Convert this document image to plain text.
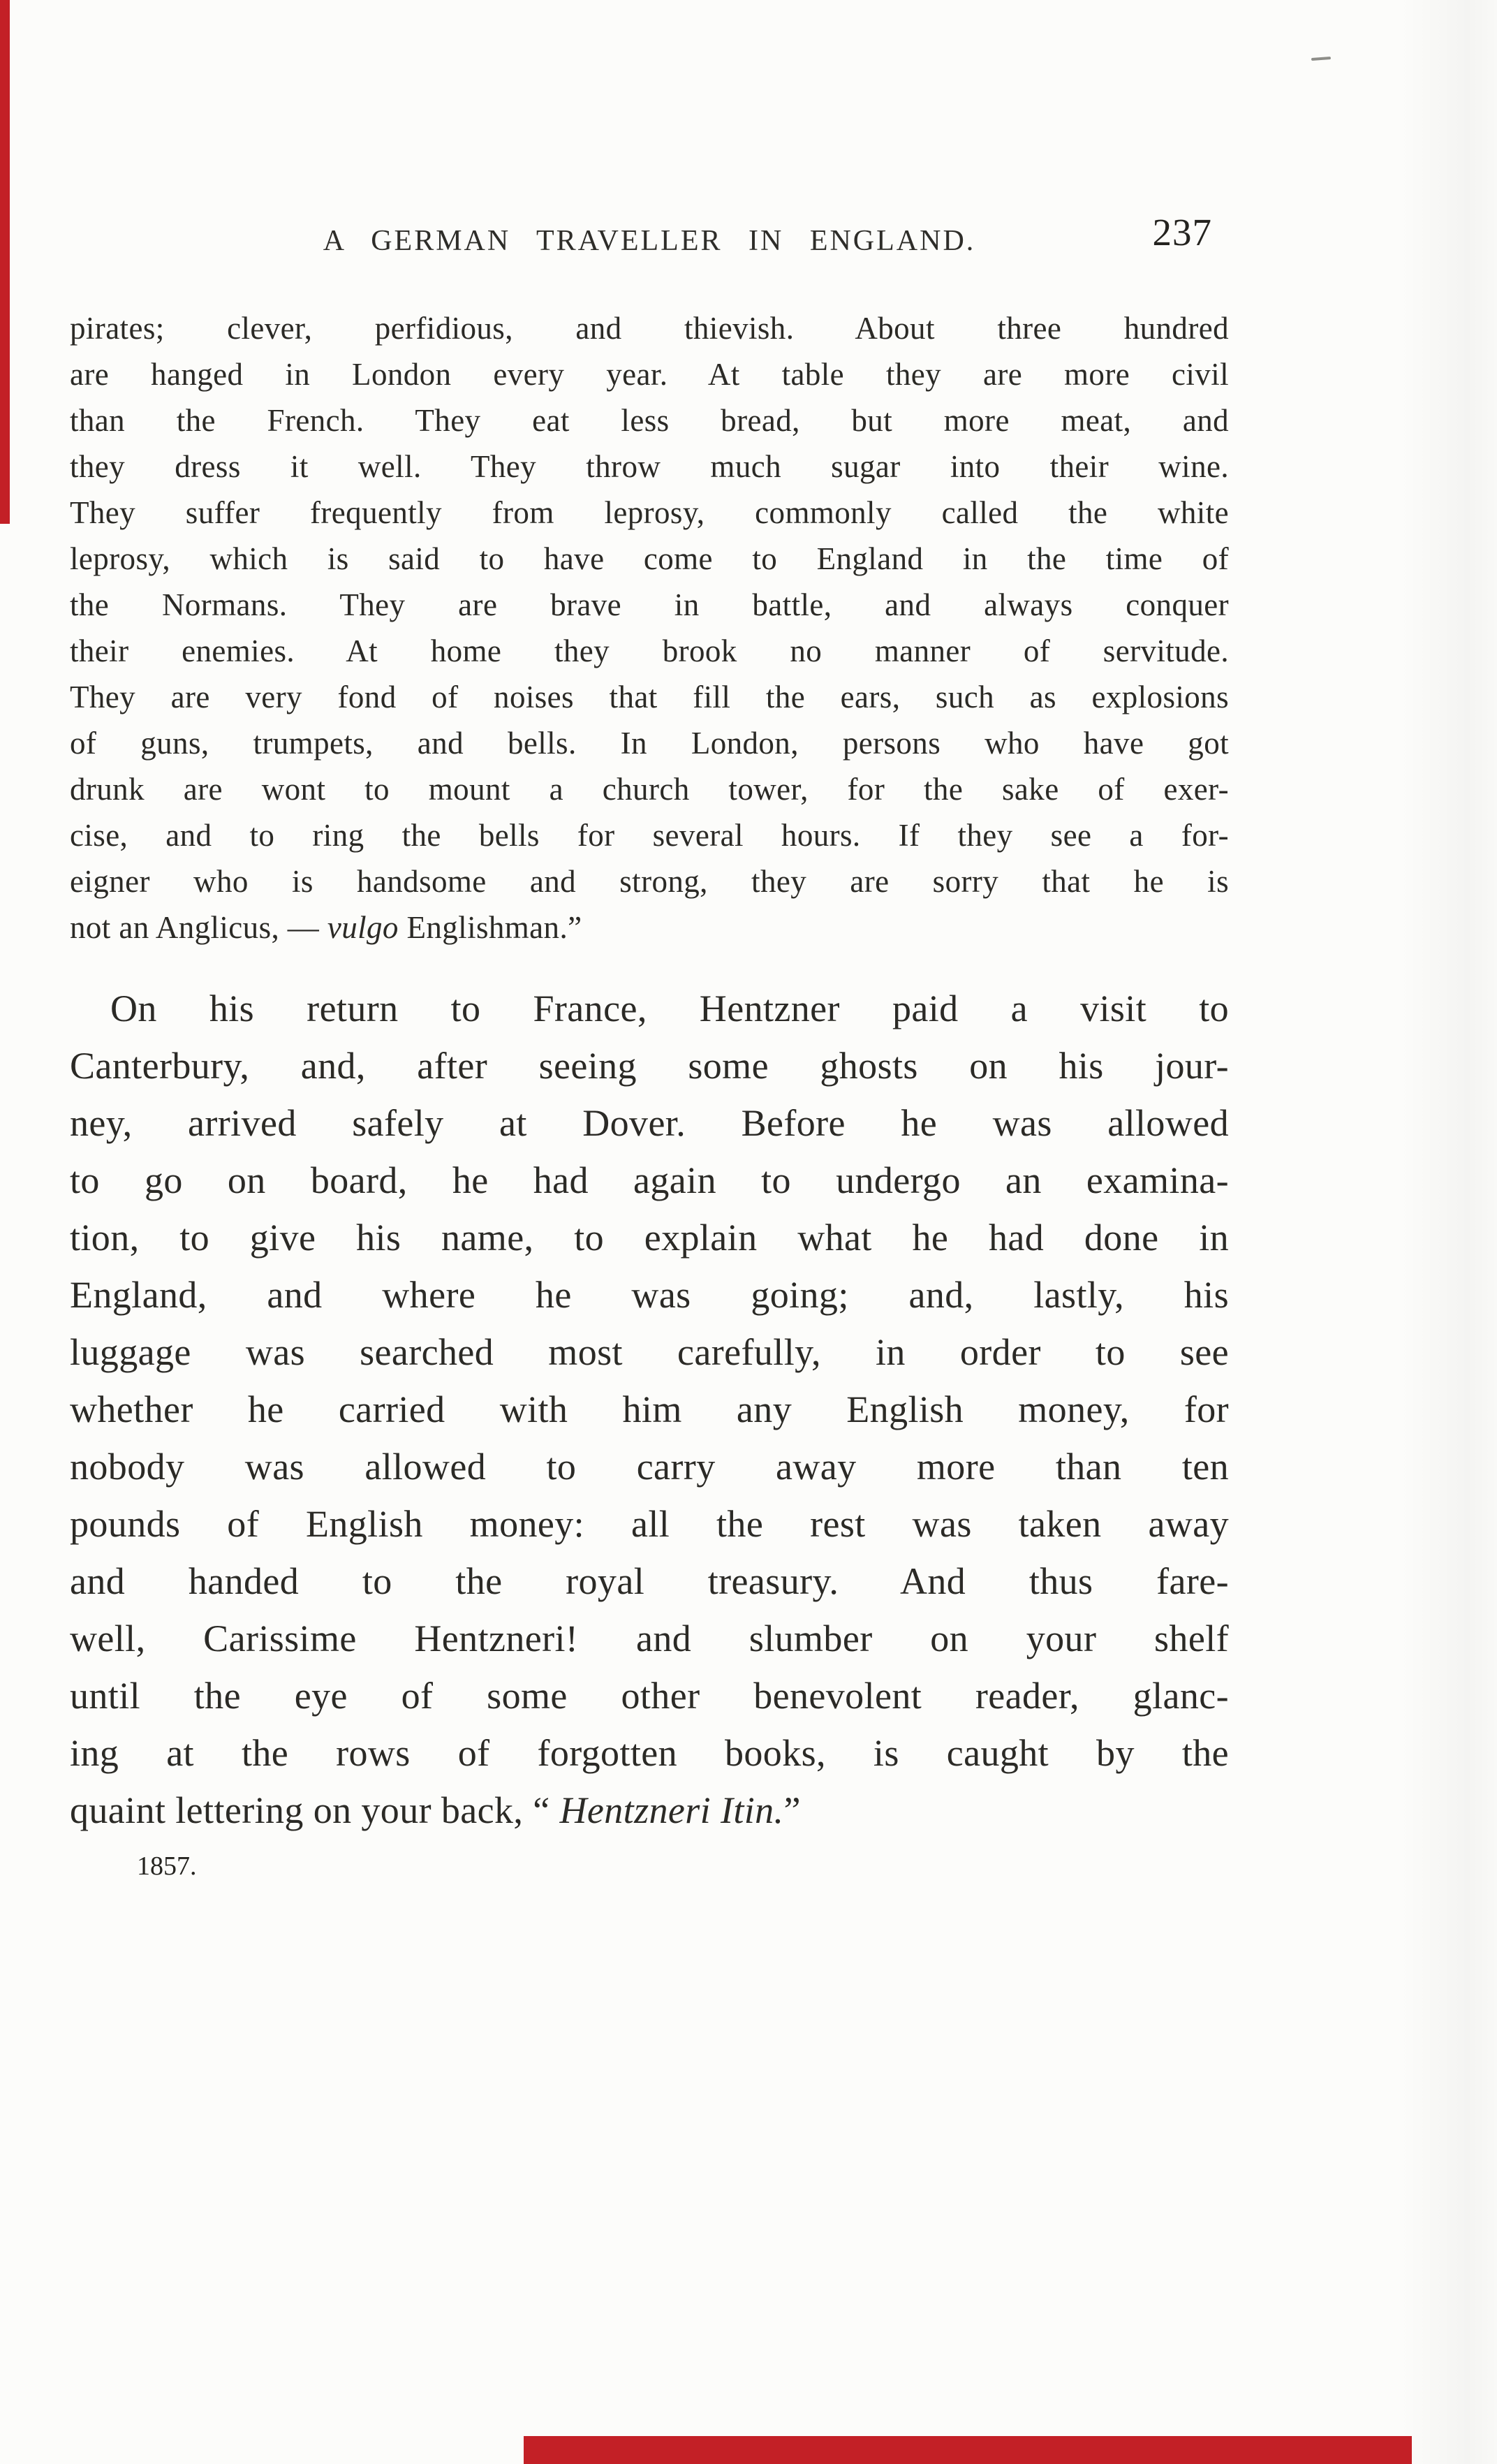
A GERMAN TRAVELLER IN ENGLAND.	237
pirates; clever, perfidious, and thievish. About three hundred
are hanged in London every year. At table they are more civil
than the French. They eat less bread, but more meat, and
they dress it well. They throw much sugar into their wine.
They suffer frequently from leprosy, commonly called the white
leprosy, which is said to have come to England in the time of
the Normans. They are brave in battle, and always conquer
their enemies. At home they brook no manner of servitude.
They are very fond of noises that fill the ears, such as explosions
of guns, trumpets, and bells. In London, persons who have got
drunk are wont to mount a church tower, for the sake of exer-
cise, and to ring the bells for several hours. If they see a for-
eigner who is handsome and strong, they are sorry that he is
not an Anglicus, — vulgo Englishman.”
On his return to France, Hentzner paid a visit to
Canterbury, and, after seeing some ghosts on his jour-
ney, arrived safely at Dover. Before he was allowed
to go on board, he had again to undergo an examina-
tion, to give his name, to explain what he had done in
England, and where he was going; and, lastly, his
luggage was searched most carefully, in order to see
whether he carried with him any English money, for
nobody was allowed to carry away more than ten
pounds of English money: all the rest was taken away
and handed to the royal treasury. And thus fare-
well, Carissime Hentzneri! and slumber on your shelf
until the eye of some other benevolent reader, glanc-
ing at the rows of forgotten books, is caught by the
quaint lettering on your back, “ Hentzneri Itin.”
1857.
